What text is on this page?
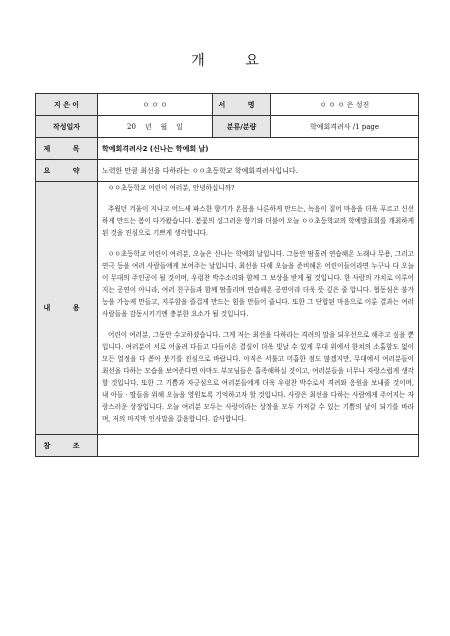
개 요
지 은 이	ㅇ ㅇ ㅇ	서 명	ㅇ ㅇ ㅇ 은 성진
작성일자	20    년    월    일	분류/분량	학예회격려사 /1 page
제 목	학예회격려사2 (신나는 학예회 날)		
요 약	노력한 만큼 최선을 다하라는 ㅇㅇ초등학교 학예회격려사입니다.		
내 용	ㅇㅇ초등학교 어린이 여러분, 안녕하십니까?

추웠던 겨울이 지나고 어느새 파스한 향기가 온몸을 나른하게 만드는, 녹음이 짙어 마음을 더욱 푸르고 신선하게 만드는 봄이 다가왔습니다. 봄꽃의 싱그러운 향기와 더불어 오늘 ㅇㅇ초등학교의 학예발표회를 개최하게 된 것을 진심으로 기쁘게 생각합니다.

ㅇㅇ초등학교 어린이 여러분, 오늘은 신나는 학예회 날입니다. 그동안 땀흘려 연습해온 노래나 무용, 그리고 연극 등을 여러 사람들에게 보여주는 날입니다. 최선을 다해 오늘을 준비해온 어린이들이라면 누구나 다 오늘 이 무대의 주인공이 될 것이며, 우렁찬 박수소리와 함께 그 보상을 받게 될 것입니다. 한 사람의 가치로 이루어지는 공연이 아니라, 여러 친구들과 함께 땀흘리며 연습해온 공연이라 더욱 뜻 깊은 줄 압니다. 협동심은 불가능을 가능케 만들고, 지루함을 즐겁게 만드는 힘을 만들어 줍니다. 또한 그 단합된 마음으로 이룬 결과는 여러 사람들을 감동시키기엔 충분한 요소가 될 것입니다.

어린이 여러분, 그동안 수고하셨습니다. 그게 저는 최선을 다하라는 격려의 말을 되우선으로 해주고 싶을 뿐입니다. 여러분이 서로 어울려 다듬고 다듬어온 결실이 더욱 빛날 수 있게 무대 위에서 한치의 소홀함도 없이 모든 열정을 다 쏟아 붓기를 진심으로 바랍니다. 아직은 서툴고 미흡한 점도 많겠지만, 무대에서 여러분들이 최선을 다하는 모습을 보여준다면 아마도 부모님들은 흡족해하실 것이고, 여러분들을 너무나 자랑스럽게 생각할 것입니다. 또한 그 기쁨과 자긍심으로 여러분들에게 더욱 우렁찬 박수로서 격려와 응원을 보내줄 것이며, 내 아들 · 딸들을 위해 오늘을 영원토록 기억하고자 할 것입니다. 사랑은 최선을 다하는 사람에게 주어지는 자랑스러운 상장입니다. 오늘 여러분 모두는 사랑이라는 상장을 모두 가져갈 수 있는 기쁨의 날이 되기를 바라며, 저의 마지막 인사말을 갈음합니다. 감사합니다.		

참 조			
